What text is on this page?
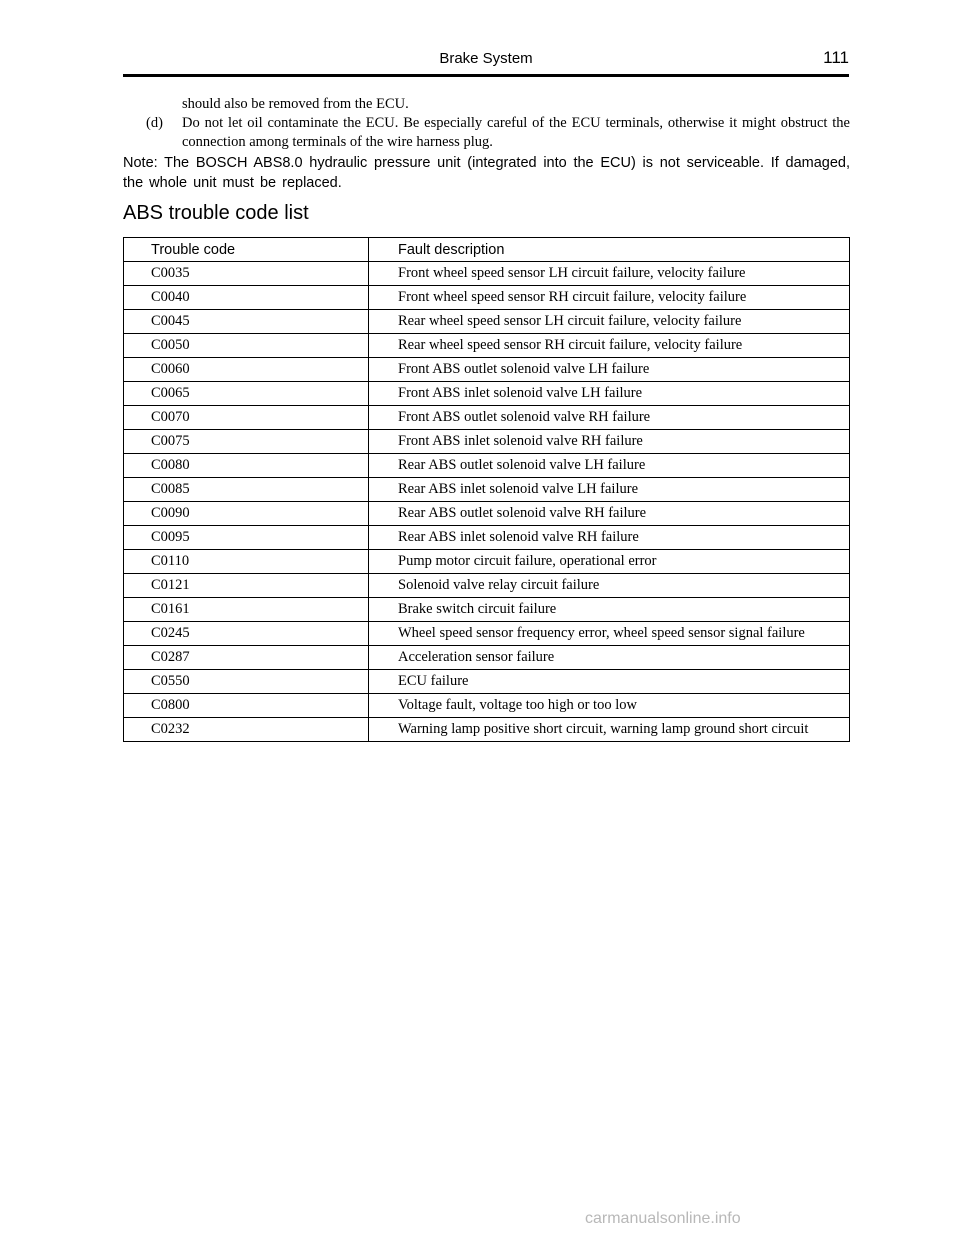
Brake System	111
should also be removed from the ECU.
(d)	Do not let oil contaminate the ECU. Be especially careful of the ECU terminals, otherwise it might obstruct the connection among terminals of the wire harness plug.
Note: The BOSCH ABS8.0 hydraulic pressure unit (integrated into the ECU) is not serviceable. If damaged, the whole unit must be replaced.
ABS trouble code list
Trouble code	Fault description
C0035	Front wheel speed sensor LH circuit failure, velocity failure
C0040	Front wheel speed sensor RH circuit failure, velocity failure
C0045	Rear wheel speed sensor LH circuit failure, velocity failure
C0050	Rear wheel speed sensor RH circuit failure, velocity failure
C0060	Front ABS outlet solenoid valve LH failure
C0065	Front ABS inlet solenoid valve LH failure
C0070	Front ABS outlet solenoid valve RH failure
C0075	Front ABS inlet solenoid valve RH failure
C0080	Rear ABS outlet solenoid valve LH failure
C0085	Rear ABS inlet solenoid valve LH failure
C0090	Rear ABS outlet solenoid valve RH failure
C0095	Rear ABS inlet solenoid valve RH failure
C0110	Pump motor circuit failure, operational error
C0121	Solenoid valve relay circuit failure
C0161	Brake switch circuit failure
C0245	Wheel speed sensor frequency error, wheel speed sensor signal failure
C0287	Acceleration sensor failure
C0550	ECU failure
C0800	Voltage fault, voltage too high or too low
C0232	Warning lamp positive short circuit, warning lamp ground short circuit
carmanualsonline.info
